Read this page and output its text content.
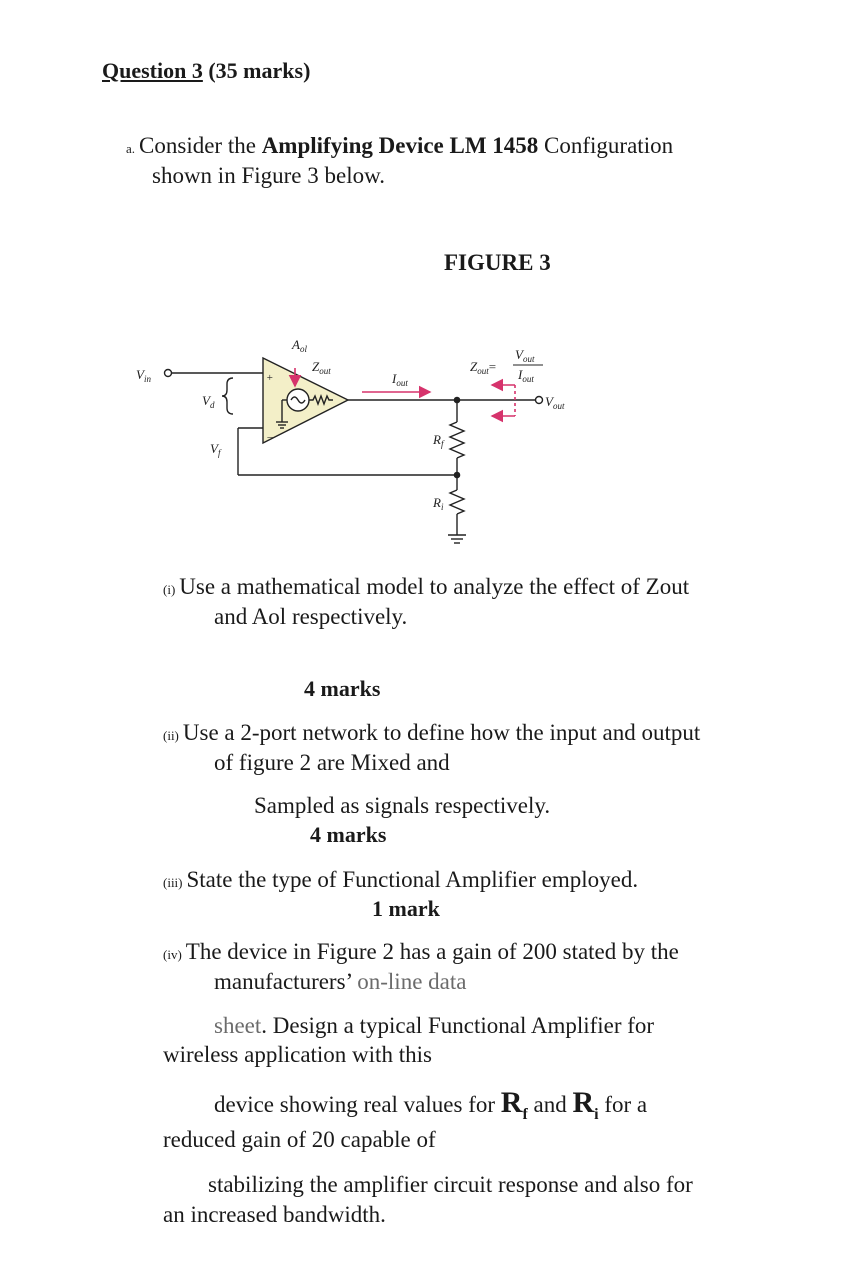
Question 3 (35 marks)
a. Consider the Amplifying Device LM 1458 Configuration
shown in Figure 3 below.
FIGURE 3
$V_{in}$	+
−
$A_{ol}$
$Z_{out}$	$I_{out}$
$Z_{out}=$
$V_{out}$
$I_{out}$
$V_{out}$
$V_d$
$V_f$
$R_f$
$R_i$
(i) Use a mathematical model to analyze the effect of Zout
and Aol respectively.
4 marks
(ii) Use a 2-port network to define how the input and output
of figure 2 are Mixed and
Sampled as signals respectively.
4 marks
(iii) State the type of Functional Amplifier employed.
1 mark
(iv) The device in Figure 2 has a gain of 200 stated by the
manufacturers’ on-line data
sheet. Design a typical Functional Amplifier for
wireless application with this
device showing real values for $R_f$ and $R_i$ for a
reduced gain of 20 capable of
stabilizing the amplifier circuit response and also for
an increased bandwidth.
